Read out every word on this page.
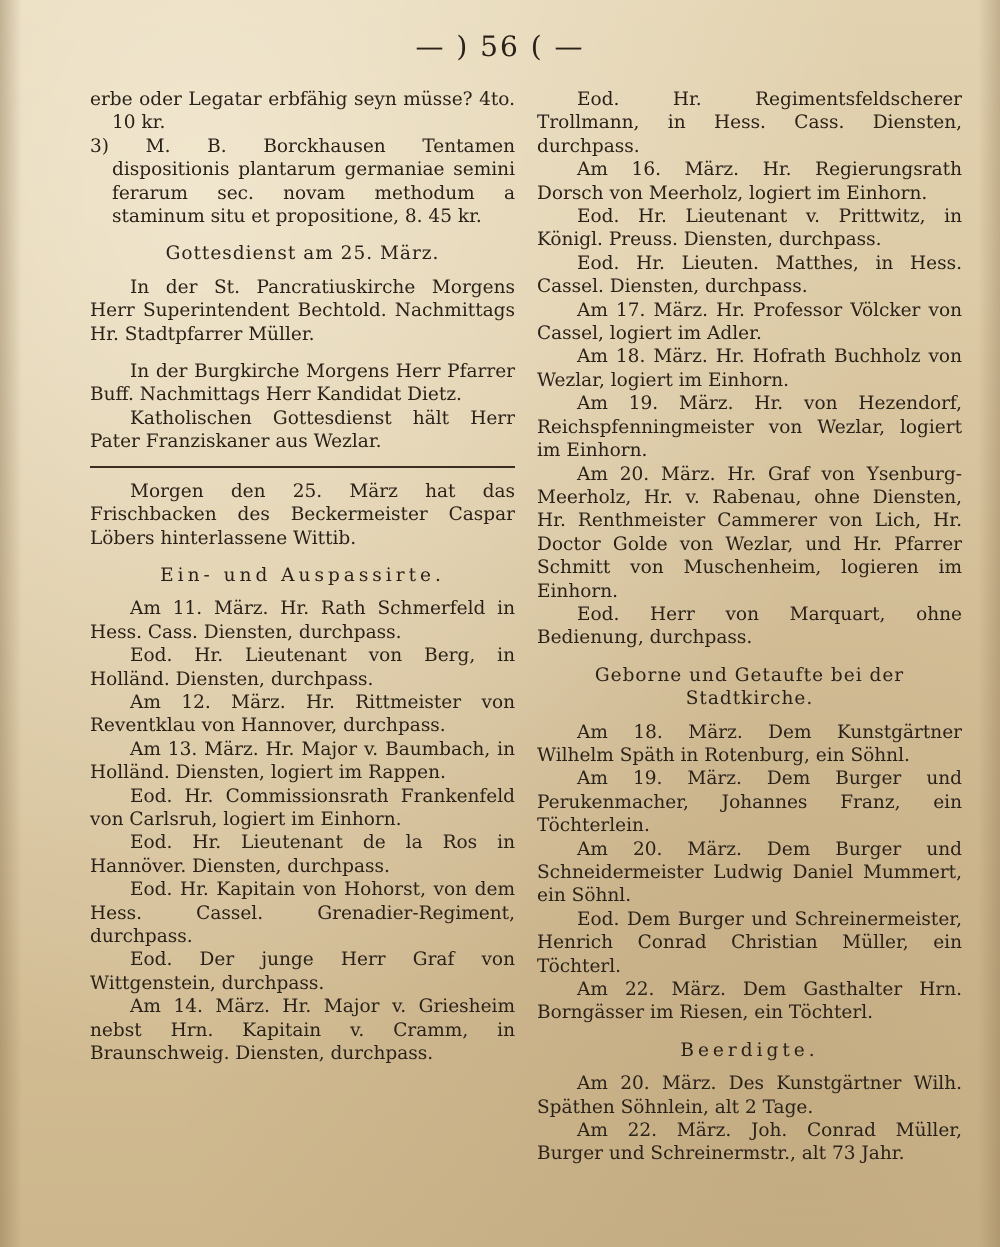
— ) 56 ( —

erbe oder Legatar erbfähig seyn müsse? 4to. 10 kr.

3) M. B. Borckhausen Tentamen dispositionis plantarum germaniae semini ferarum sec. novam methodum a staminum situ et propositione, 8. 45 kr.

Gottesdienst am 25. März.

In der St. Pancratiuskirche Morgens Herr Superintendent Bechtold. Nachmittags Hr. Stadtpfarrer Müller.

In der Burgkirche Morgens Herr Pfarrer Buff. Nachmittags Herr Kandidat Dietz.

Katholischen Gottesdienst hält Herr Pater Franziskaner aus Wezlar.

Morgen den 25. März hat das Frischbacken des Beckermeister Caspar Löbers hinterlassene Wittib.

Ein- und Auspassirte.

Am 11. März. Hr. Rath Schmerfeld in Hess. Cass. Diensten, durchpass.

Eod. Hr. Lieutenant von Berg, in Holländ. Diensten, durchpass.

Am 12. März. Hr. Rittmeister von Reventklau von Hannover, durchpass.

Am 13. März. Hr. Major v. Baumbach, in Holländ. Diensten, logiert im Rappen.

Eod. Hr. Commissionsrath Frankenfeld von Carlsruh, logiert im Einhorn.

Eod. Hr. Lieutenant de la Ros in Hannöver. Diensten, durchpass.

Eod. Hr. Kapitain von Hohorst, von dem Hess. Cassel. Grenadier-Regiment, durchpass.

Eod. Der junge Herr Graf von Wittgenstein, durchpass.

Am 14. März. Hr. Major v. Griesheim nebst Hrn. Kapitain v. Cramm, in Braunschweig. Diensten, durchpass.

Eod. Hr. Regimentsfeldscherer Trollmann, in Hess. Cass. Diensten, durchpass.

Am 16. März. Hr. Regierungsrath Dorsch von Meerholz, logiert im Einhorn.

Eod. Hr. Lieutenant v. Prittwitz, in Königl. Preuss. Diensten, durchpass.

Eod. Hr. Lieuten. Matthes, in Hess. Cassel. Diensten, durchpass.

Am 17. März. Hr. Professor Völcker von Cassel, logiert im Adler.

Am 18. März. Hr. Hofrath Buchholz von Wezlar, logiert im Einhorn.

Am 19. März. Hr. von Hezendorf, Reichspfenningmeister von Wezlar, logiert im Einhorn.

Am 20. März. Hr. Graf von Ysenburg-Meerholz, Hr. v. Rabenau, ohne Diensten, Hr. Renthmeister Cammerer von Lich, Hr. Doctor Golde von Wezlar, und Hr. Pfarrer Schmitt von Muschenheim, logieren im Einhorn.

Eod. Herr von Marquart, ohne Bedienung, durchpass.

Geborne und Getaufte bei der Stadtkirche.

Am 18. März. Dem Kunstgärtner Wilhelm Späth in Rotenburg, ein Söhnl.

Am 19. März. Dem Burger und Perukenmacher, Johannes Franz, ein Töchterlein.

Am 20. März. Dem Burger und Schneidermeister Ludwig Daniel Mummert, ein Söhnl.

Eod. Dem Burger und Schreinermeister, Henrich Conrad Christian Müller, ein Töchterl.

Am 22. März. Dem Gasthalter Hrn. Borngässer im Riesen, ein Töchterl.

Beerdigte.

Am 20. März. Des Kunstgärtner Wilh. Späthen Söhnlein, alt 2 Tage.

Am 22. März. Joh. Conrad Müller, Burger und Schreinermstr., alt 73 Jahr.
